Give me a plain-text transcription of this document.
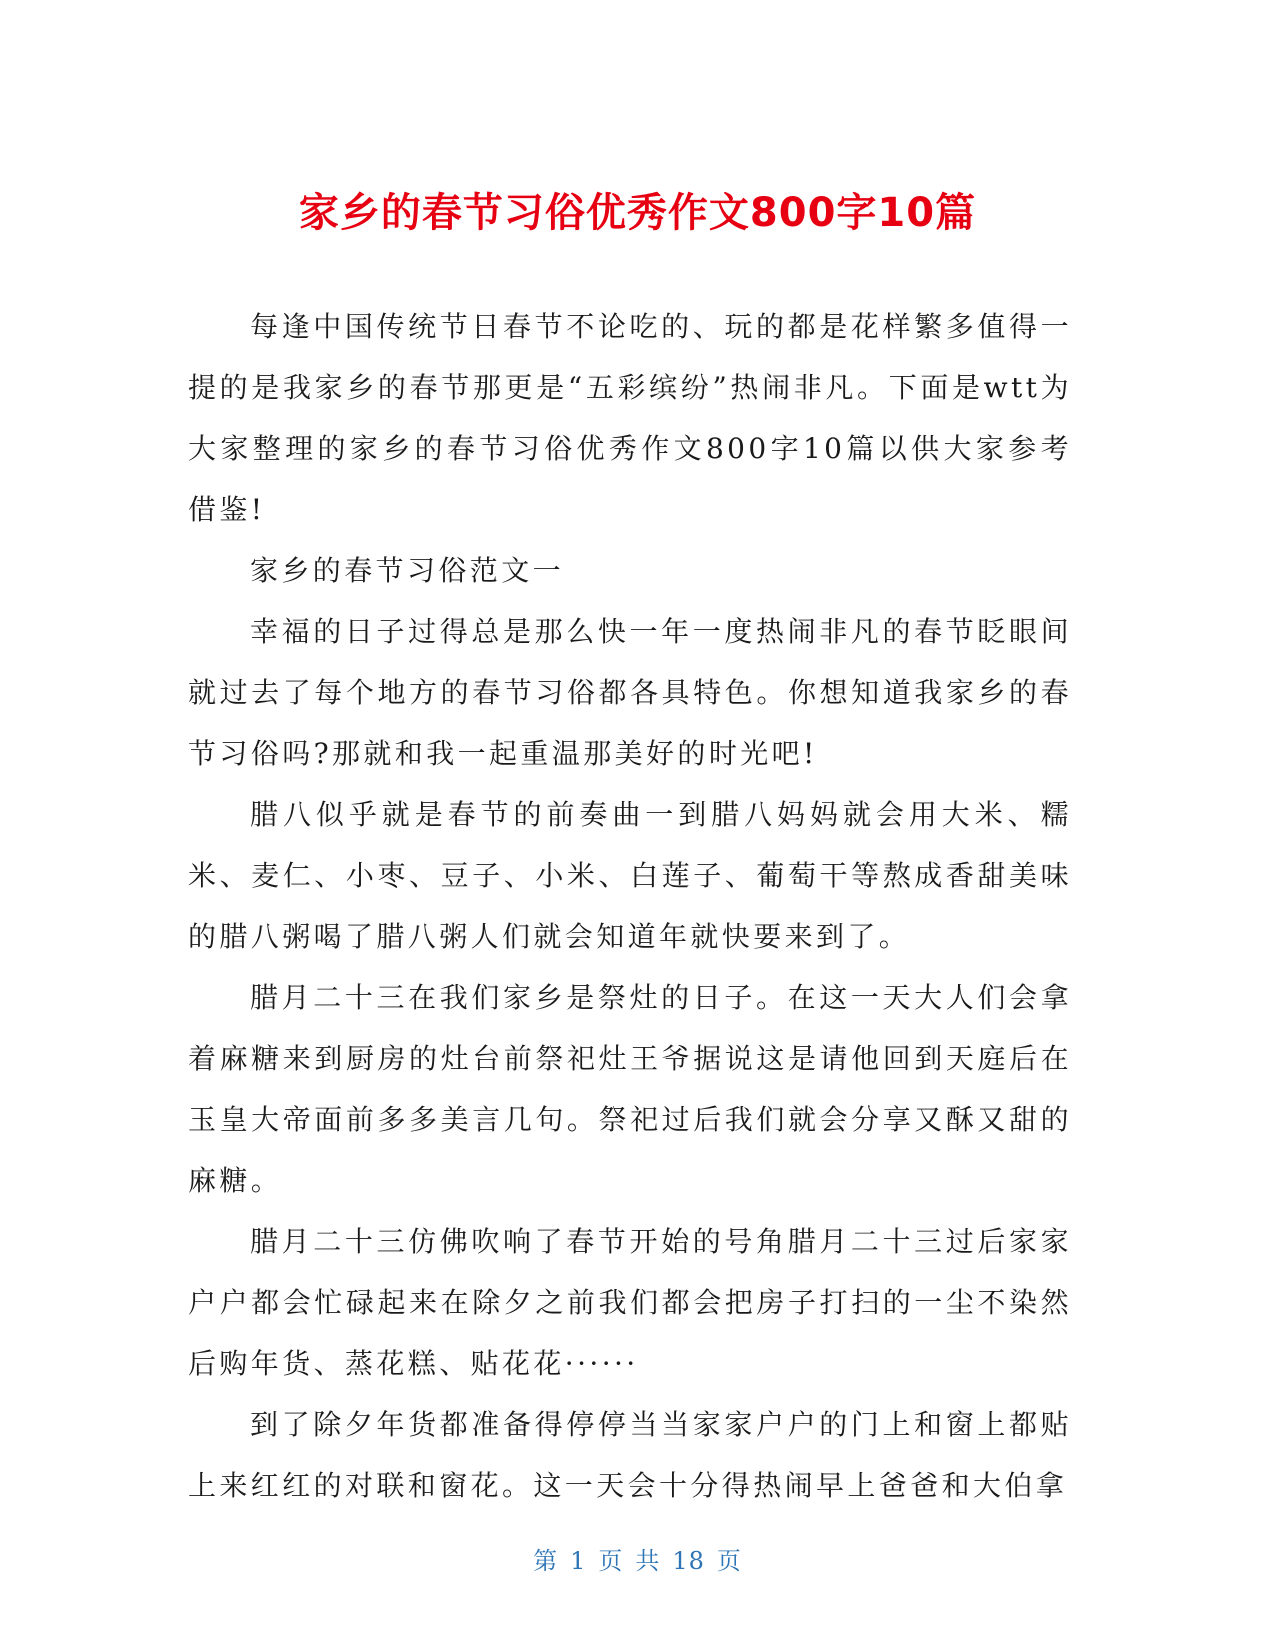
家乡的春节习俗优秀作文800字10篇

每逢中国传统节日春节不论吃的、玩的都是花样繁多值得一提的是我家乡的春节那更是“五彩缤纷”热闹非凡。下面是wtt为大家整理的家乡的春节习俗优秀作文800字10篇以供大家参考借鉴!

家乡的春节习俗范文一

幸福的日子过得总是那么快一年一度热闹非凡的春节眨眼间就过去了每个地方的春节习俗都各具特色。你想知道我家乡的春节习俗吗?那就和我一起重温那美好的时光吧!

腊八似乎就是春节的前奏曲一到腊八妈妈就会用大米、糯米、麦仁、小枣、豆子、小米、白莲子、葡萄干等熬成香甜美味的腊八粥喝了腊八粥人们就会知道年就快要来到了。

腊月二十三在我们家乡是祭灶的日子。在这一天大人们会拿着麻糖来到厨房的灶台前祭祀灶王爷据说这是请他回到天庭后在玉皇大帝面前多多美言几句。祭祀过后我们就会分享又酥又甜的麻糖。

腊月二十三仿佛吹响了春节开始的号角腊月二十三过后家家户户都会忙碌起来在除夕之前我们都会把房子打扫的一尘不染然后购年货、蒸花糕、贴花花······

到了除夕年货都准备得停停当当家家户户的门上和窗上都贴上来红红的对联和窗花。这一天会十分得热闹早上爸爸和大伯拿

第 1 页 共 18 页
